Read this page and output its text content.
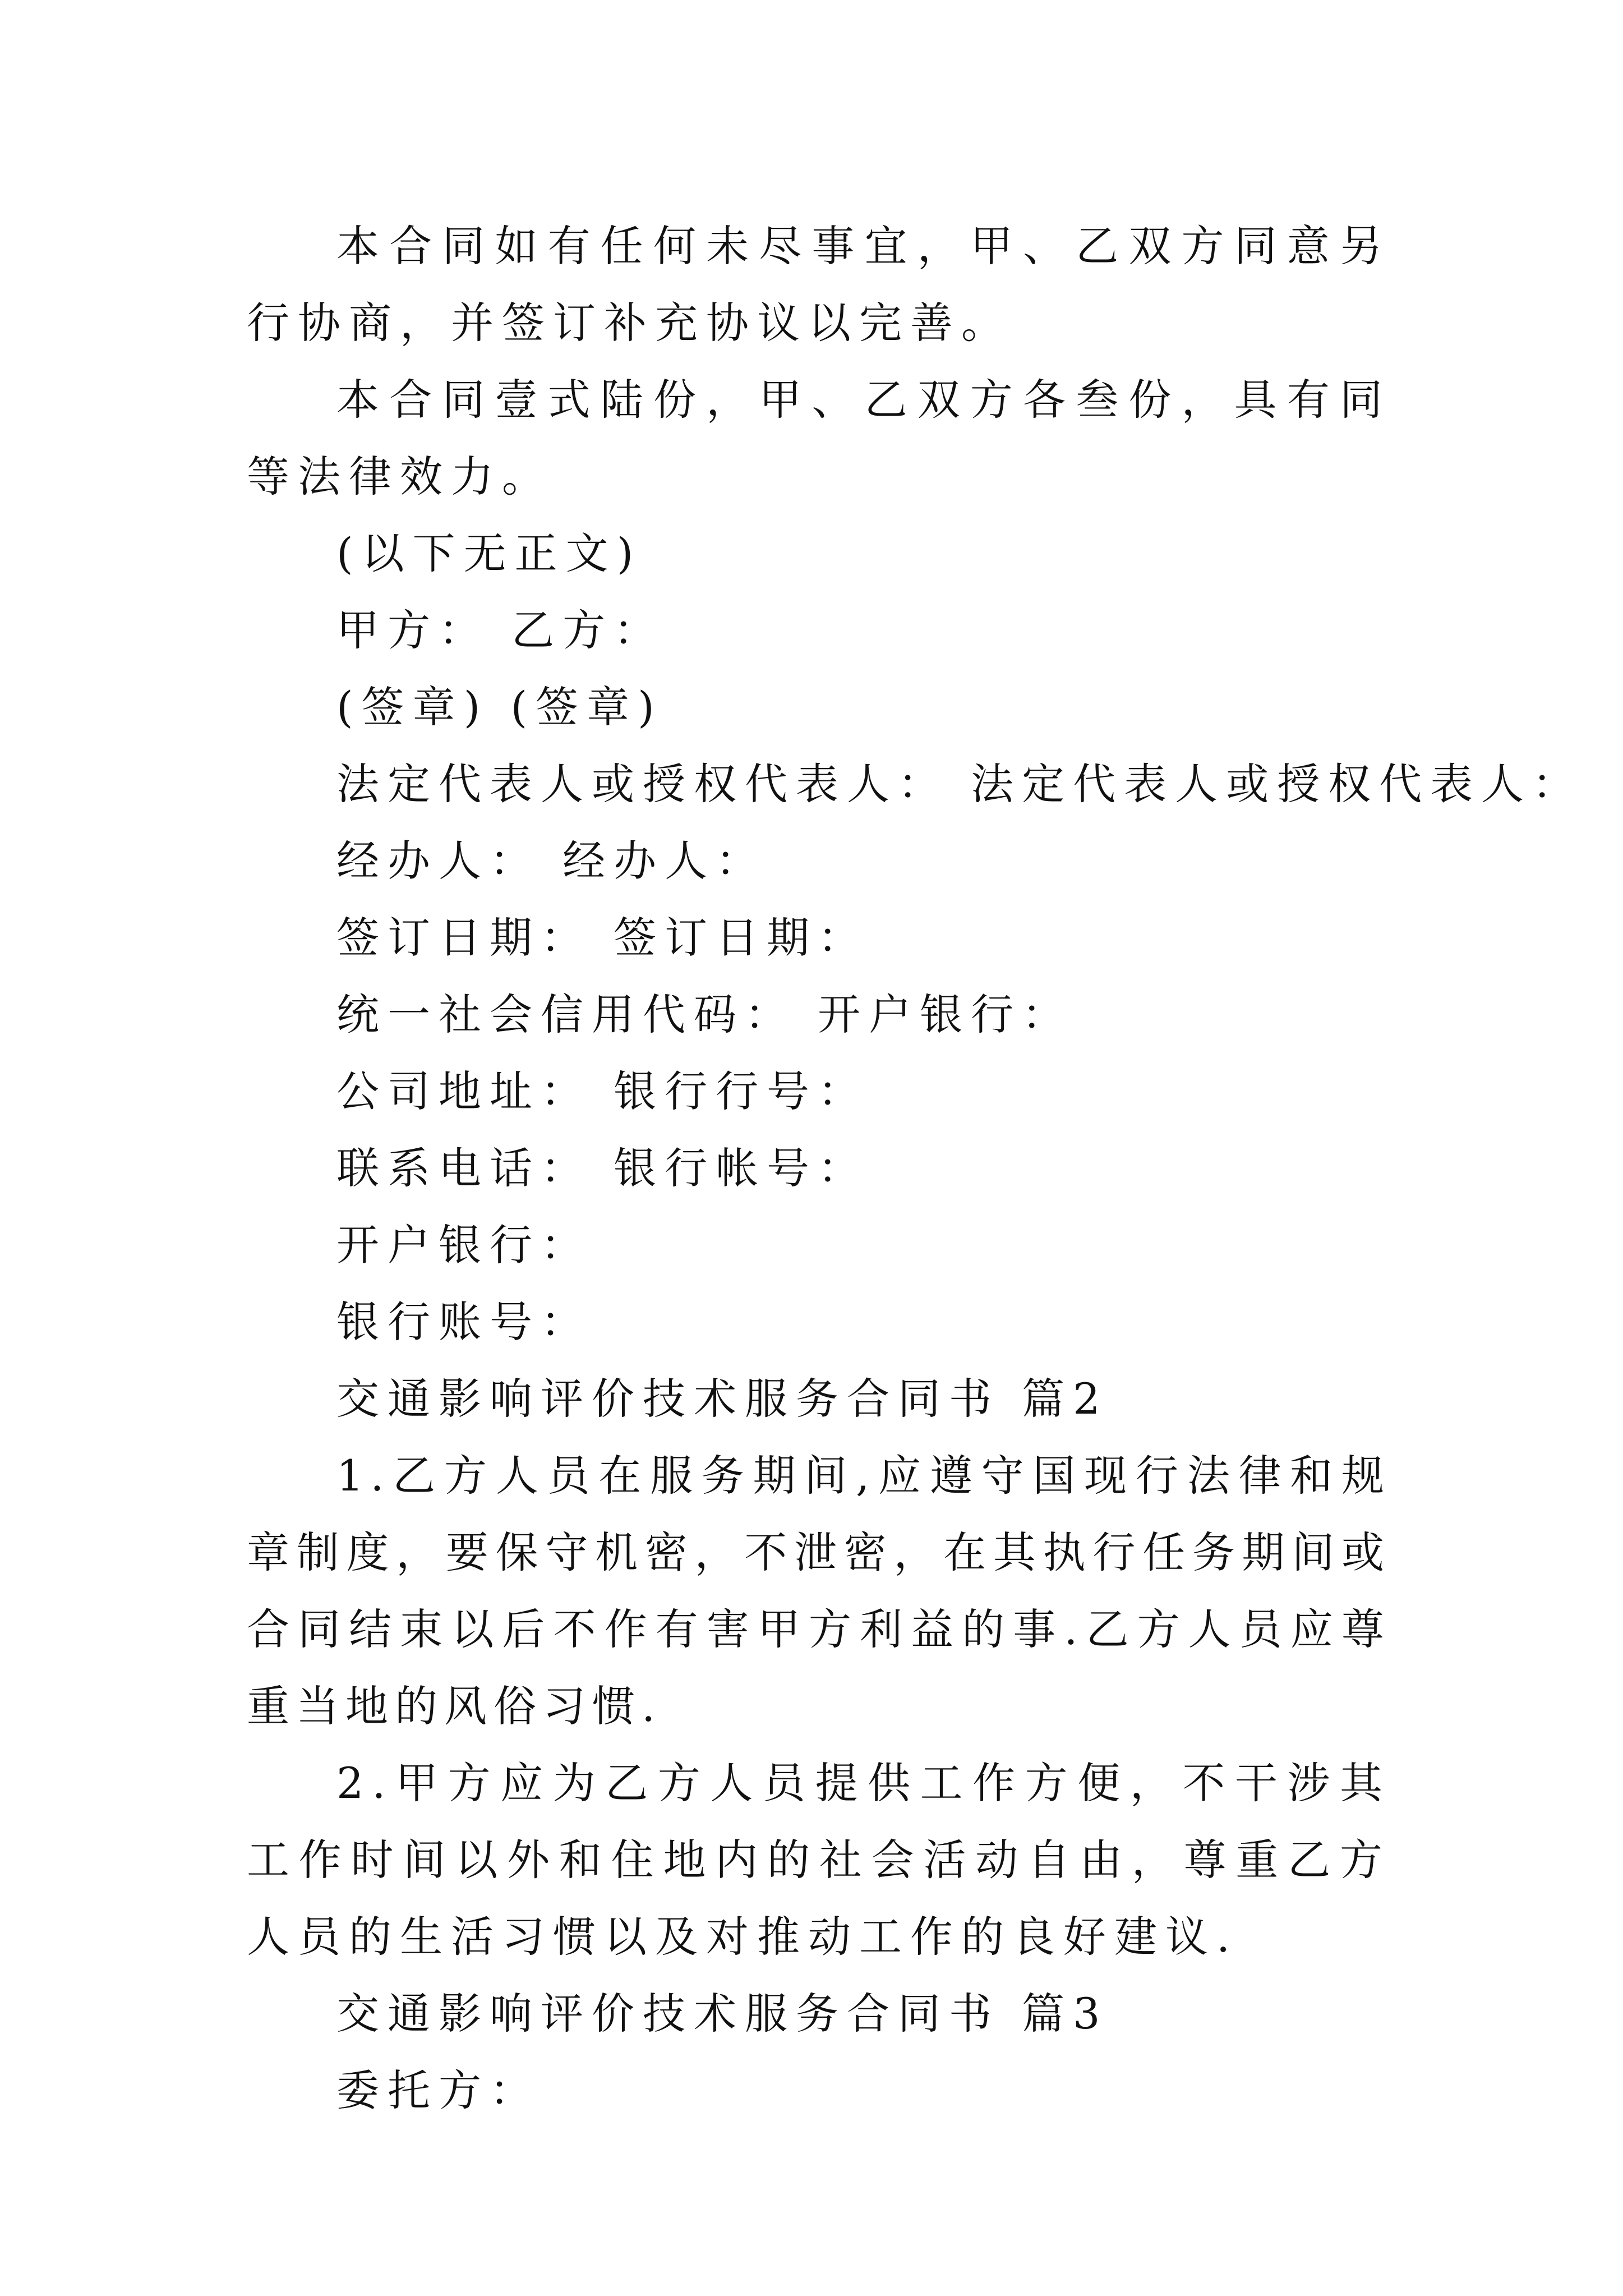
本合同如有任何未尽事宜，甲、乙双方同意另行协商，并签订补充协议以完善。

本合同壹式陆份，甲、乙双方各叁份，具有同等法律效力。

(以下无正文)

甲方： 乙方：

(签章) (签章)

法定代表人或授权代表人： 法定代表人或授权代表人：

经办人： 经办人：

签订日期： 签订日期：

统一社会信用代码： 开户银行：

公司地址： 银行行号：

联系电话： 银行帐号：

开户银行：

银行账号：

交通影响评价技术服务合同书 篇2

1.乙方人员在服务期间,应遵守国现行法律和规章制度，要保守机密，不泄密，在其执行任务期间或合同结束以后不作有害甲方利益的事.乙方人员应尊重当地的风俗习惯.

2.甲方应为乙方人员提供工作方便，不干涉其工作时间以外和住地内的社会活动自由，尊重乙方人员的生活习惯以及对推动工作的良好建议.

交通影响评价技术服务合同书 篇3

委托方：
